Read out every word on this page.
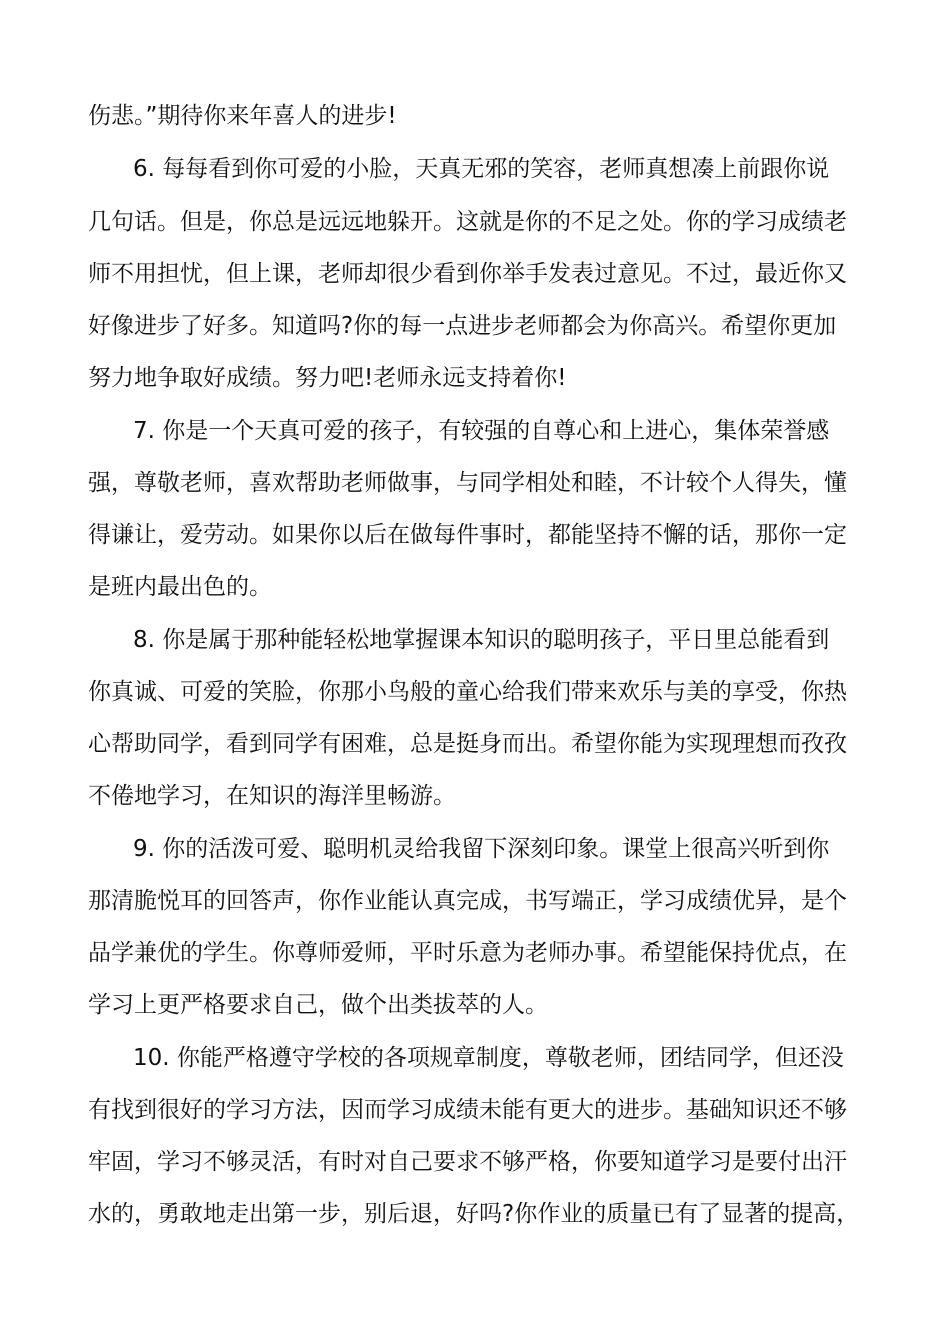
伤悲。”期待你来年喜人的进步!
6. 每每看到你可爱的小脸，天真无邪的笑容，老师真想凑上前跟你说
几句话。但是，你总是远远地躲开。这就是你的不足之处。你的学习成绩老
师不用担忧，但上课，老师却很少看到你举手发表过意见。不过，最近你又
好像进步了好多。知道吗?你的每一点进步老师都会为你高兴。希望你更加
努力地争取好成绩。努力吧!老师永远支持着你!
7. 你是一个天真可爱的孩子，有较强的自尊心和上进心，集体荣誉感
强，尊敬老师，喜欢帮助老师做事，与同学相处和睦，不计较个人得失，懂
得谦让，爱劳动。如果你以后在做每件事时，都能坚持不懈的话，那你一定
是班内最出色的。
8. 你是属于那种能轻松地掌握课本知识的聪明孩子，平日里总能看到
你真诚、可爱的笑脸，你那小鸟般的童心给我们带来欢乐与美的享受，你热
心帮助同学，看到同学有困难，总是挺身而出。希望你能为实现理想而孜孜
不倦地学习，在知识的海洋里畅游。
9. 你的活泼可爱、聪明机灵给我留下深刻印象。课堂上很高兴听到你
那清脆悦耳的回答声，你作业能认真完成，书写端正，学习成绩优异，是个
品学兼优的学生。你尊师爱师，平时乐意为老师办事。希望能保持优点，在
学习上更严格要求自己，做个出类拔萃的人。
10. 你能严格遵守学校的各项规章制度，尊敬老师，团结同学，但还没
有找到很好的学习方法，因而学习成绩未能有更大的进步。基础知识还不够
牢固，学习不够灵活，有时对自己要求不够严格，你要知道学习是要付出汗
水的，勇敢地走出第一步，别后退，好吗?你作业的质量已有了显著的提高，
